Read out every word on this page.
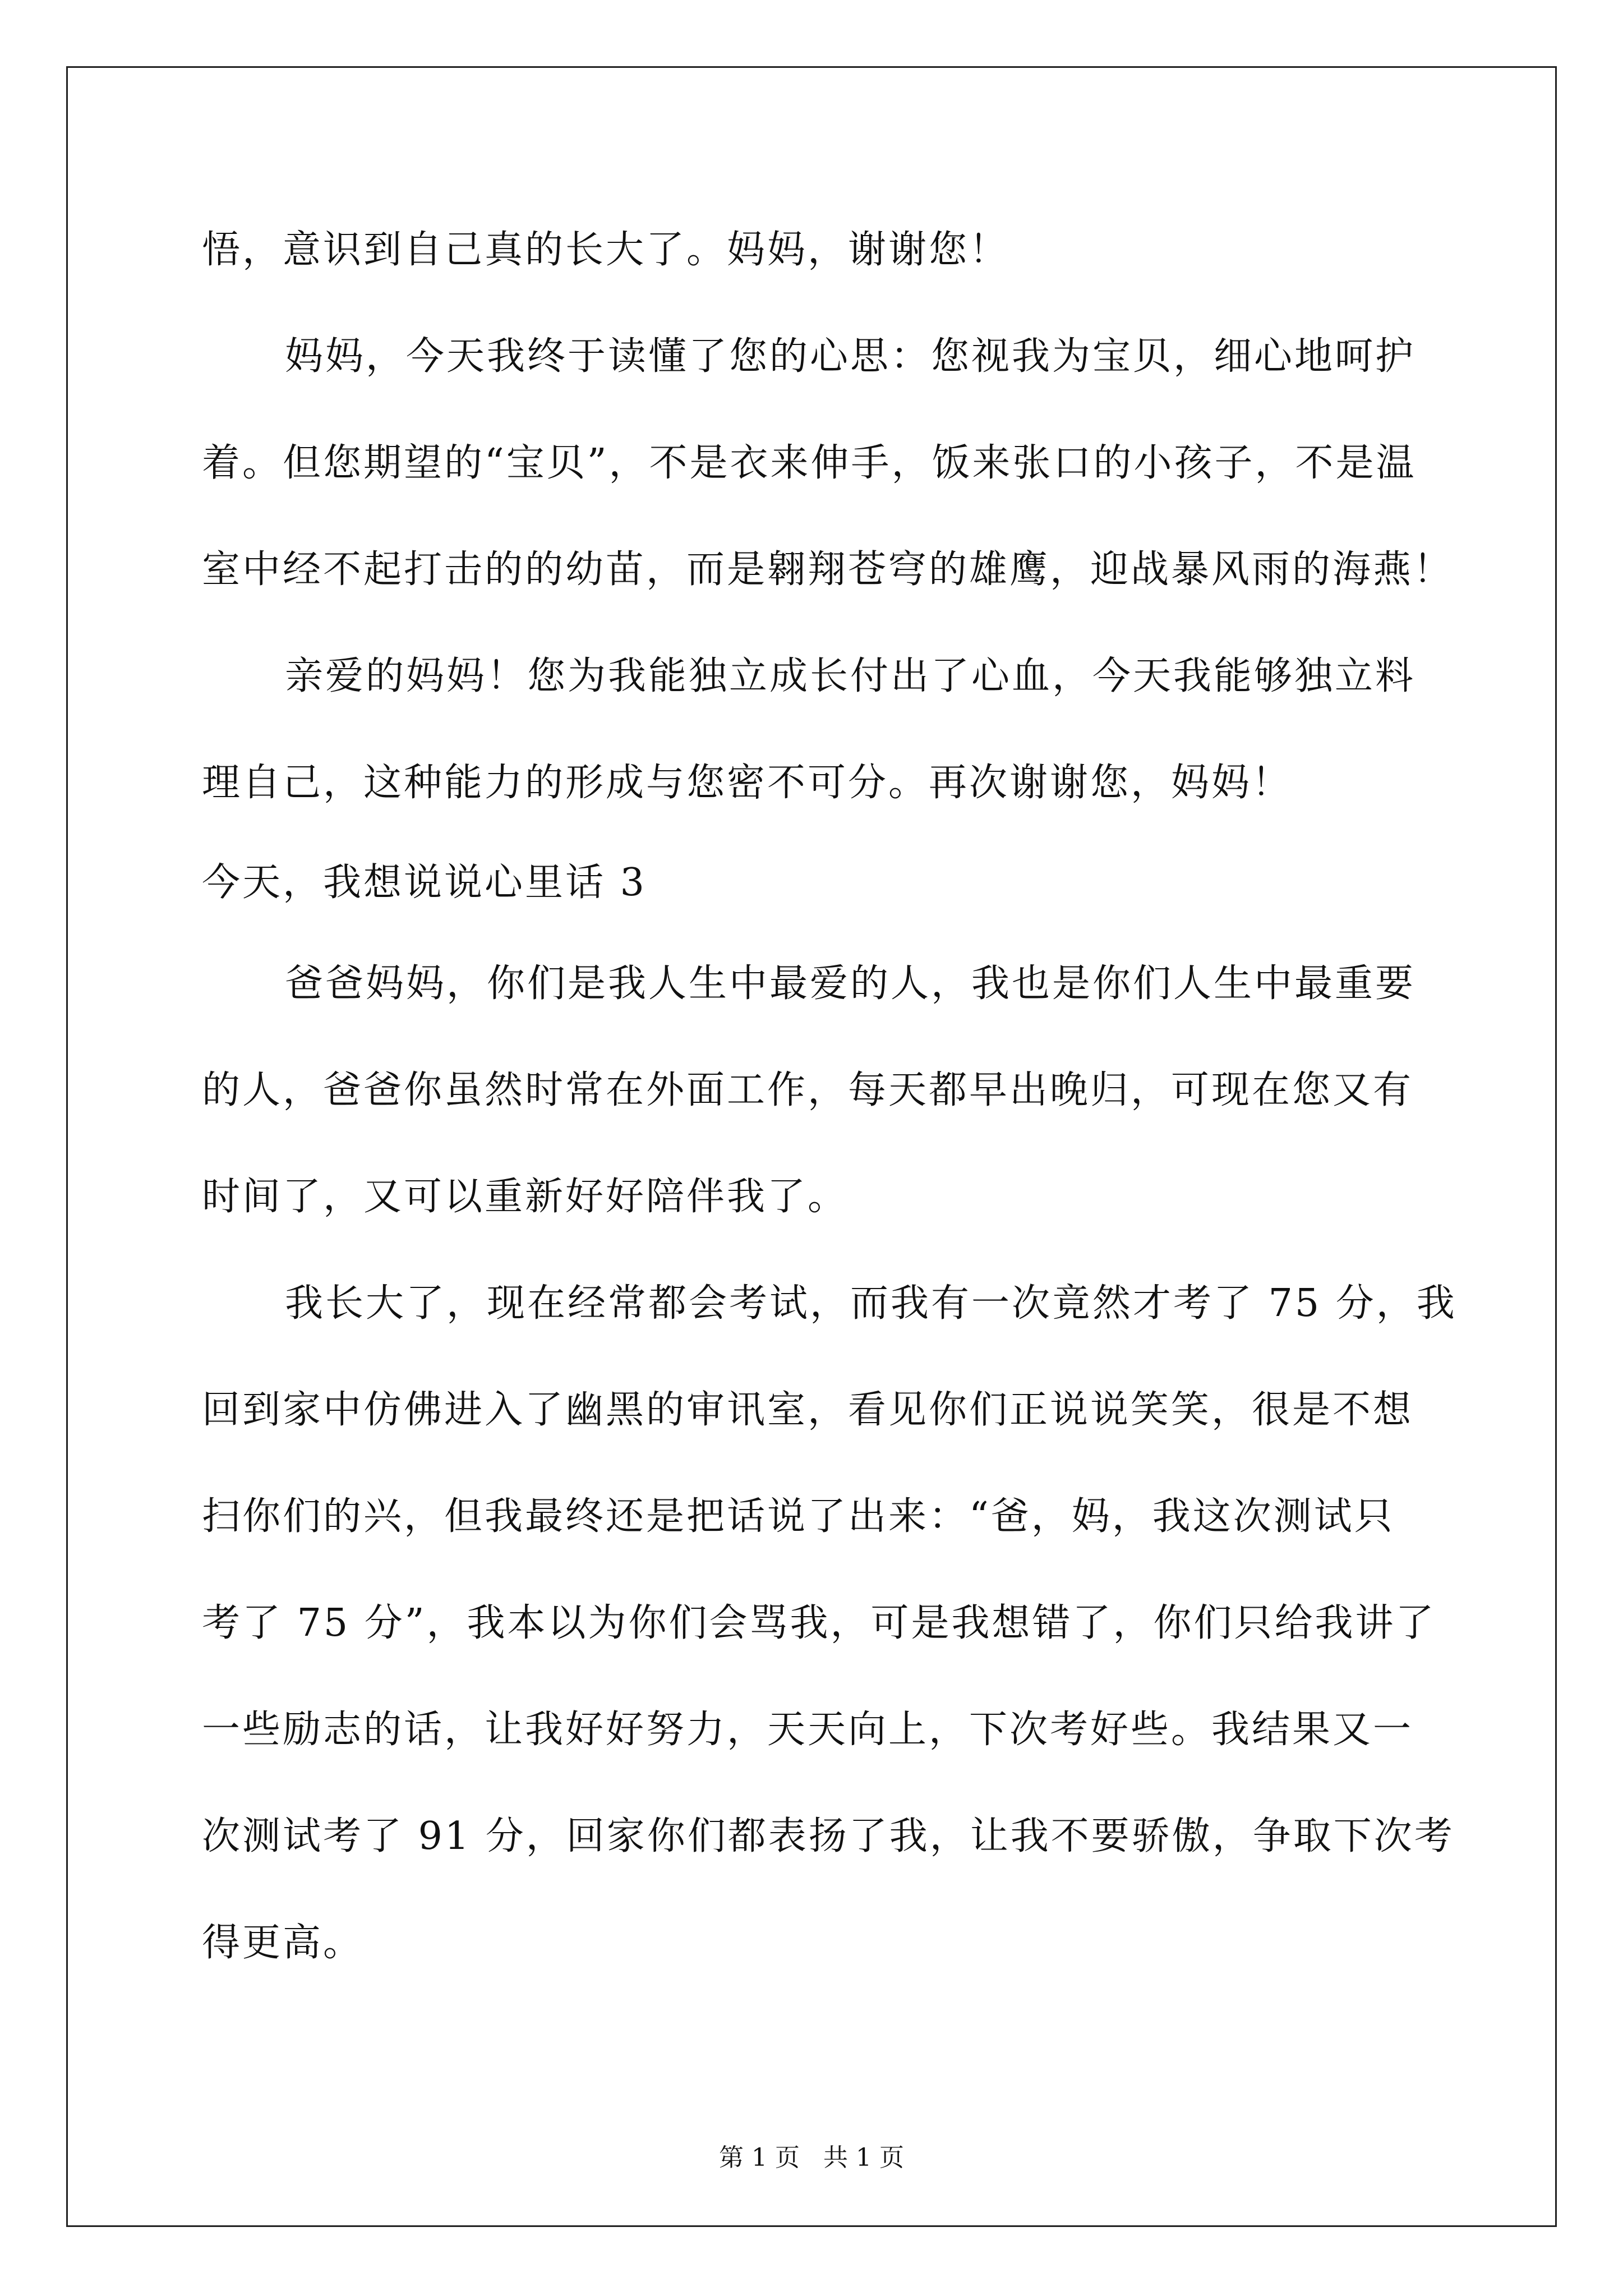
悟，意识到自己真的长大了。妈妈，谢谢您！
妈妈，今天我终于读懂了您的心思：您视我为宝贝，细心地呵护
着。但您期望的“宝贝”，不是衣来伸手，饭来张口的小孩子，不是温
室中经不起打击的的幼苗，而是翱翔苍穹的雄鹰，迎战暴风雨的海燕！
亲爱的妈妈！您为我能独立成长付出了心血，今天我能够独立料
理自己，这种能力的形成与您密不可分。再次谢谢您，妈妈！
今天，我想说说心里话 3
爸爸妈妈，你们是我人生中最爱的人，我也是你们人生中最重要
的人，爸爸你虽然时常在外面工作，每天都早出晚归，可现在您又有
时间了，又可以重新好好陪伴我了。
我长大了，现在经常都会考试，而我有一次竟然才考了 75 分，我
回到家中仿佛进入了幽黑的审讯室，看见你们正说说笑笑，很是不想
扫你们的兴，但我最终还是把话说了出来：“爸，妈，我这次测试只
考了 75 分”，我本以为你们会骂我，可是我想错了，你们只给我讲了
一些励志的话，让我好好努力，天天向上，下次考好些。我结果又一
次测试考了 91 分，回家你们都表扬了我，让我不要骄傲，争取下次考
得更高。
第 1 页   共 1 页
